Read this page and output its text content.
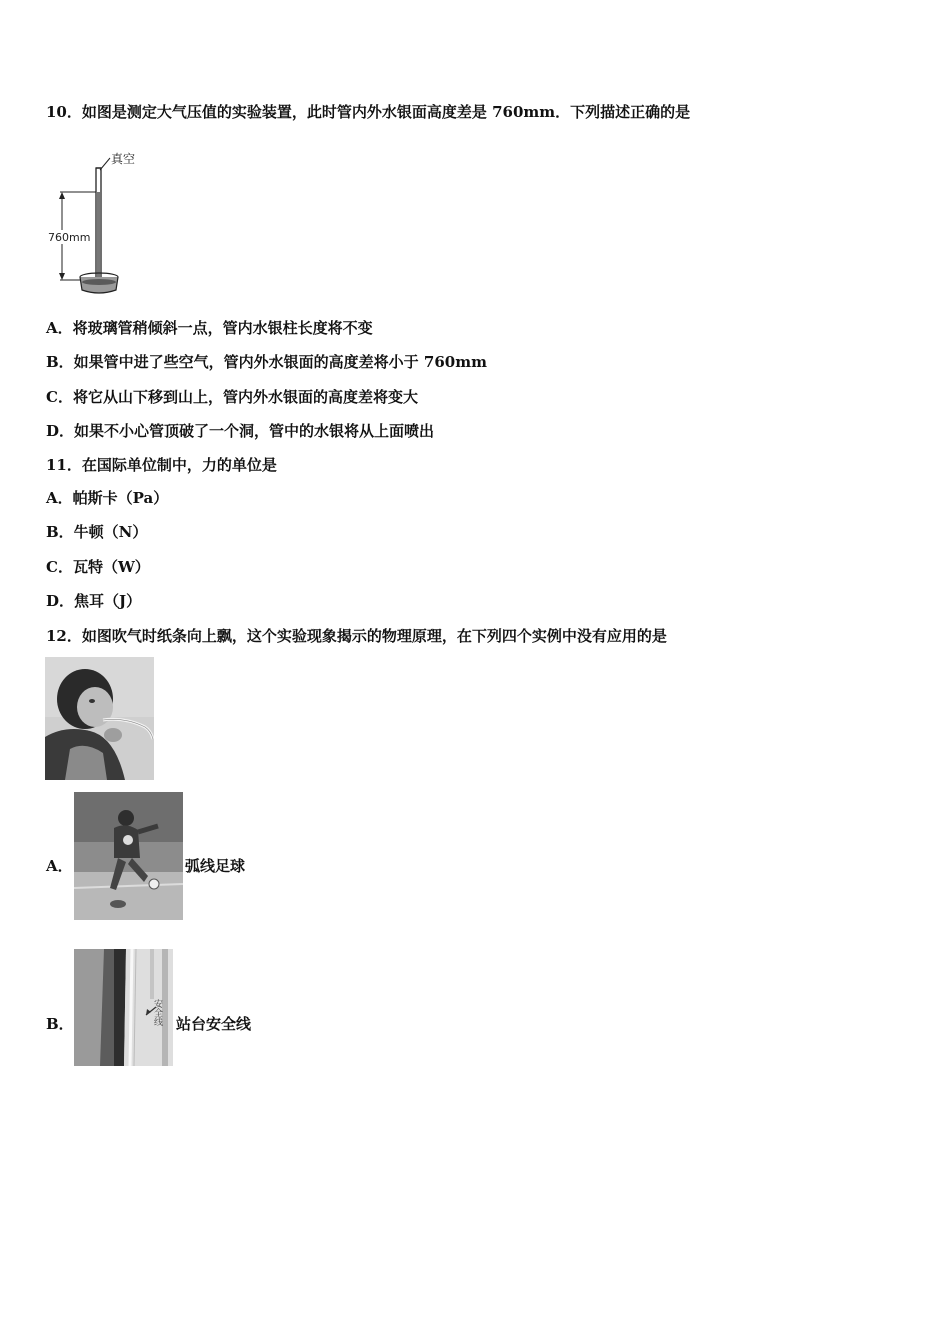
10．如图是测定大气压值的实验装置，此时管内外水银面高度差是 760mm．下列描述正确的是
真空
760mm
A．将玻璃管稍倾斜一点，管内水银柱长度将不变
B．如果管中进了些空气，管内外水银面的高度差将小于 760mm
C．将它从山下移到山上，管内外水银面的高度差将变大
D．如果不小心管顶破了一个洞，管中的水银将从上面喷出
11．在国际单位制中，力的单位是
A．帕斯卡（Pa）
B．牛顿（N）
C．瓦特（W）
D．焦耳（J）
12．如图吹气时纸条向上飘，这个实验现象揭示的物理原理，在下列四个实例中没有应用的是
A．	弧线足球
B．	安全线 站台安全线
